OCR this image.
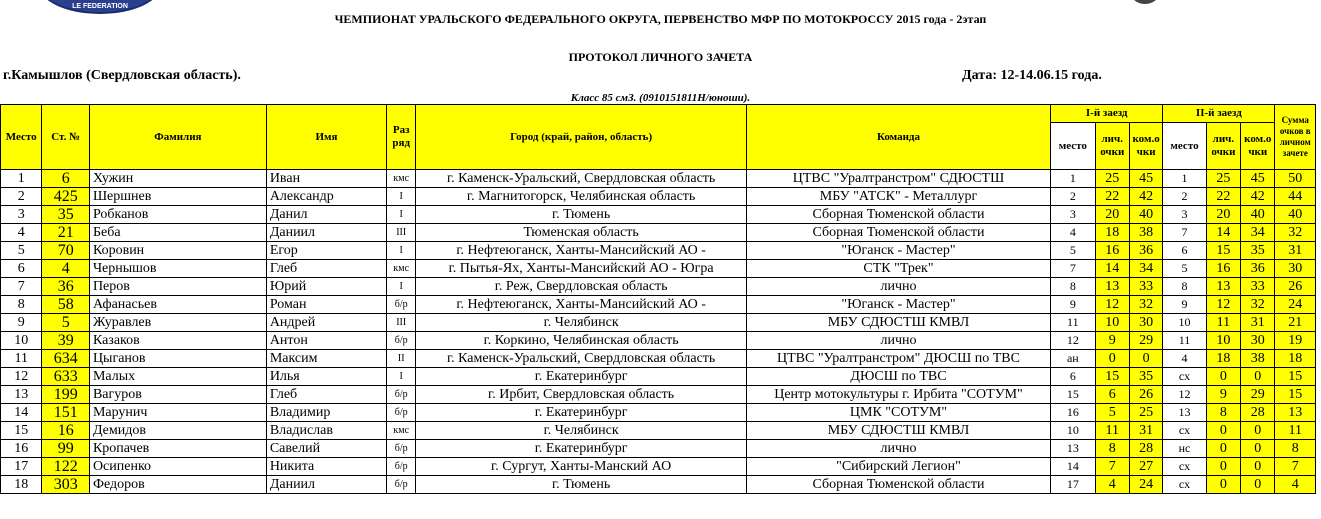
LE FEDERATION
ЧЕМПИОНАТ УРАЛЬСКОГО ФЕДЕРАЛЬНОГО ОКРУГА, ПЕРВЕНСТВО МФР ПО МОТОКРОССУ 2015 года - 2этап
ПРОТОКОЛ ЛИЧНОГО ЗАЧЕТА
г.Камышлов (Свердловская область).	Дата: 12-14.06.15 года.
Класс 85 смЗ. (0910151811Н/юноши).
Место	Ст. №	Фамилия	Имя	Раз ряд	Город (край, район, область)	Команда	I-й заезд			II-й заезд			Сумма очков в личном зачете
							место	лич. очки	ком.о чки	место	лич. очки	ком.о чки	
1	6	Хужин	Иван	кмс	г. Каменск-Уральский, Свердловская область	ЦТВС "Уралтранстром" СДЮСТШ	1	25	45	1	25	45	50
2	425	Шершнев	Александр	I	г. Магнитогорск, Челябинская область	МБУ "АТСК" - Металлург	2	22	42	2	22	42	44
3	35	Робканов	Данил	I	г. Тюмень	Сборная Тюменской области	3	20	40	3	20	40	40
4	21	Беба	Даниил	III	Тюменская область	Сборная Тюменской области	4	18	38	7	14	34	32
5	70	Коровин	Егор	I	г. Нефтеюганск, Ханты-Мансийский АО -	"Юганск - Мастер"	5	16	36	6	15	35	31
6	4	Чернышов	Глеб	кмс	г. Пытья-Ях, Ханты-Мансийский АО - Югра	СТК "Трек"	7	14	34	5	16	36	30
7	36	Перов	Юрий	I	г. Реж, Свердловская область	лично	8	13	33	8	13	33	26
8	58	Афанасьев	Роман	б/р	г. Нефтеюганск, Ханты-Мансийский АО -	"Юганск - Мастер"	9	12	32	9	12	32	24
9	5	Журавлев	Андрей	III	г. Челябинск	МБУ СДЮСТШ КМВЛ	11	10	30	10	11	31	21
10	39	Казаков	Антон	б/р	г. Коркино, Челябинская область	лично	12	9	29	11	10	30	19
11	634	Цыганов	Максим	II	г. Каменск-Уральский, Свердловская область	ЦТВС "Уралтранстром" ДЮСШ по ТВС	ан	0	0	4	18	38	18
12	633	Малых	Илья	I	г. Екатеринбург	ДЮСШ по ТВС	6	15	35	сх	0	0	15
13	199	Вагуров	Глеб	б/р	г. Ирбит, Свердловская область	Центр мотокультуры г. Ирбита "СОТУМ"	15	6	26	12	9	29	15
14	151	Марунич	Владимир	б/р	г. Екатеринбург	ЦМК "СОТУМ"	16	5	25	13	8	28	13
15	16	Демидов	Владислав	кмс	г. Челябинск	МБУ СДЮСТШ КМВЛ	10	11	31	сх	0	0	11
16	99	Кропачев	Савелий	б/р	г. Екатеринбург	лично	13	8	28	нс	0	0	8
17	122	Осипенко	Никита	б/р	г. Сургут, Ханты-Манский АО	"Сибирский Легион"	14	7	27	сх	0	0	7
18	303	Федоров	Даниил	б/р	г. Тюмень	Сборная Тюменской области	17	4	24	сх	0	0	4
